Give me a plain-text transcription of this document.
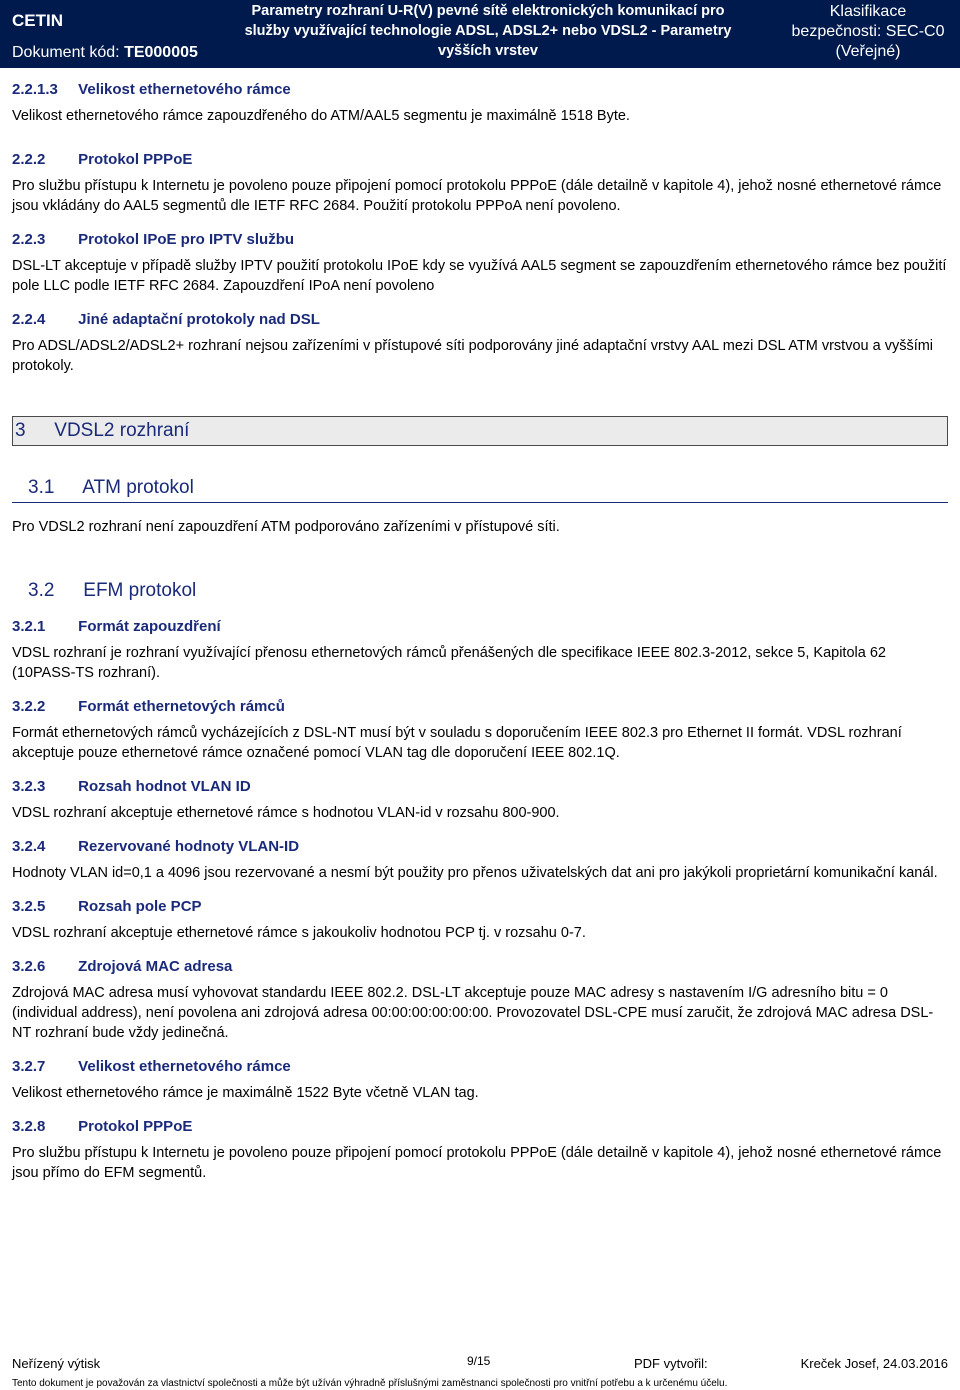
CETIN
Dokument kód: TE000005
Parametry rozhraní U-R(V) pevné sítě elektronických komunikací pro služby využívající technologie ADSL, ADSL2+ nebo VDSL2 - Parametry vyšších vrstev
Klasifikace bezpečnosti: SEC-C0 (Veřejné)
2.2.1.3 Velikost ethernetového rámce

Velikost ethernetového rámce zapouzdřeného do ATM/AAL5 segmentu je maximálně 1518 Byte.

2.2.2 Protokol PPPoE

Pro službu přístupu k Internetu je povoleno pouze připojení pomocí protokolu PPPoE (dále detailně v kapitole 4), jehož nosné ethernetové rámce jsou vkládány do AAL5 segmentů dle IETF RFC 2684. Použití protokolu PPPoA není povoleno.

2.2.3 Protokol IPoE pro IPTV službu

DSL-LT akceptuje v případě služby IPTV použití protokolu IPoE kdy se využívá AAL5 segment se zapouzdřením ethernetového rámce bez použití pole LLC podle IETF RFC 2684. Zapouzdření IPoA není povoleno

2.2.4 Jiné adaptační protokoly nad DSL

Pro ADSL/ADSL2/ADSL2+ rozhraní nejsou zařízeními v přístupové síti podporovány jiné adaptační vrstvy AAL mezi DSL ATM vrstvou a vyššími protokoly.

3 VDSL2 rozhraní
3.1 ATM protokol

Pro VDSL2 rozhraní není zapouzdření ATM podporováno zařízeními v přístupové síti.

3.2 EFM protokol
3.2.1 Formát zapouzdření

VDSL rozhraní je rozhraní využívající přenosu ethernetových rámců přenášených dle specifikace IEEE 802.3-2012, sekce 5, Kapitola 62 (10PASS-TS rozhraní).

3.2.2 Formát ethernetových rámců

Formát ethernetových rámců vycházejících z DSL-NT musí být v souladu s doporučením IEEE 802.3 pro Ethernet II formát. VDSL rozhraní akceptuje pouze ethernetové rámce označené pomocí VLAN tag dle doporučení IEEE 802.1Q.

3.2.3 Rozsah hodnot VLAN ID

VDSL rozhraní akceptuje ethernetové rámce s hodnotou VLAN-id v rozsahu 800-900.

3.2.4 Rezervované hodnoty VLAN-ID

Hodnoty VLAN id=0,1 a 4096 jsou rezervované a nesmí být použity pro přenos uživatelských dat ani pro jakýkoli proprietární komunikační kanál.

3.2.5 Rozsah pole PCP

VDSL rozhraní akceptuje ethernetové rámce s jakoukoliv hodnotou PCP tj. v rozsahu 0-7.

3.2.6 Zdrojová MAC adresa

Zdrojová MAC adresa musí vyhovovat standardu IEEE 802.2. DSL-LT akceptuje pouze MAC adresy s nastavením I/G adresního bitu = 0 (individual address), není povolena ani zdrojová adresa 00:00:00:00:00:00. Provozovatel DSL-CPE musí zaručit, že zdrojová MAC adresa DSL-NT rozhraní bude vždy jedinečná.

3.2.7 Velikost ethernetového rámce

Velikost ethernetového rámce je maximálně 1522 Byte včetně VLAN tag.

3.2.8 Protokol PPPoE

Pro službu přístupu k Internetu je povoleno pouze připojení pomocí protokolu PPPoE (dále detailně v kapitole 4), jehož nosné ethernetové rámce jsou přímo do EFM segmentů.

Neřízený výtisk	9/15	PDF vytvořil:	Kreček Josef, 24.03.2016
Tento dokument je považován za vlastnictví společnosti a může být užíván výhradně příslušnými zaměstnanci společnosti pro vnitřní potřebu a k určenému účelu.
